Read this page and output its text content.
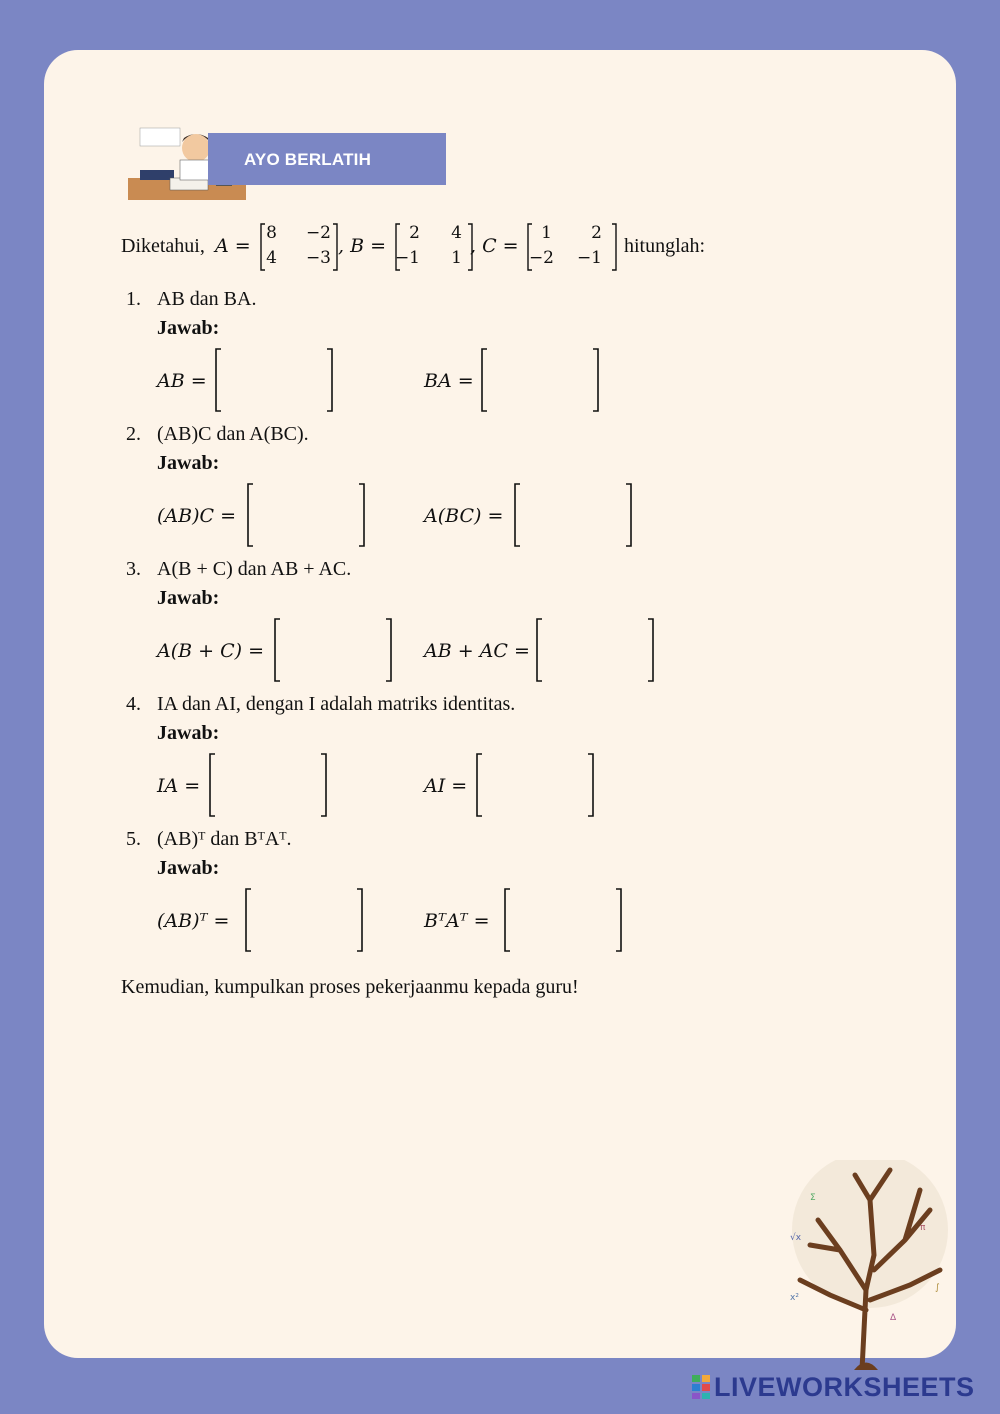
AYO BERLATIH
Diketahui, A =
8	−2
4	−3
, B =
2	4
−1	1
, C =
1	2
−2	−1
hitunglah:
1. AB dan BA.
Jawab:
AB =	BA =
2. (AB)C dan A(BC).
Jawab:
(AB)C =	A(BC) =
3. A(B + C) dan AB + AC.
Jawab:
A(B + C) =	AB + AC =
4. IA dan AI, dengan I adalah matriks identitas.
Jawab:
IA =	AI =
5. (AB)ᵀ dan BᵀAᵀ.
Jawab:
(AB)ᵀ =	BᵀAᵀ =
Kemudian, kumpulkan proses pekerjaanmu kepada guru!
√x
π
Σ
∫
x²
Δ
LIVEWORKSHEETS
